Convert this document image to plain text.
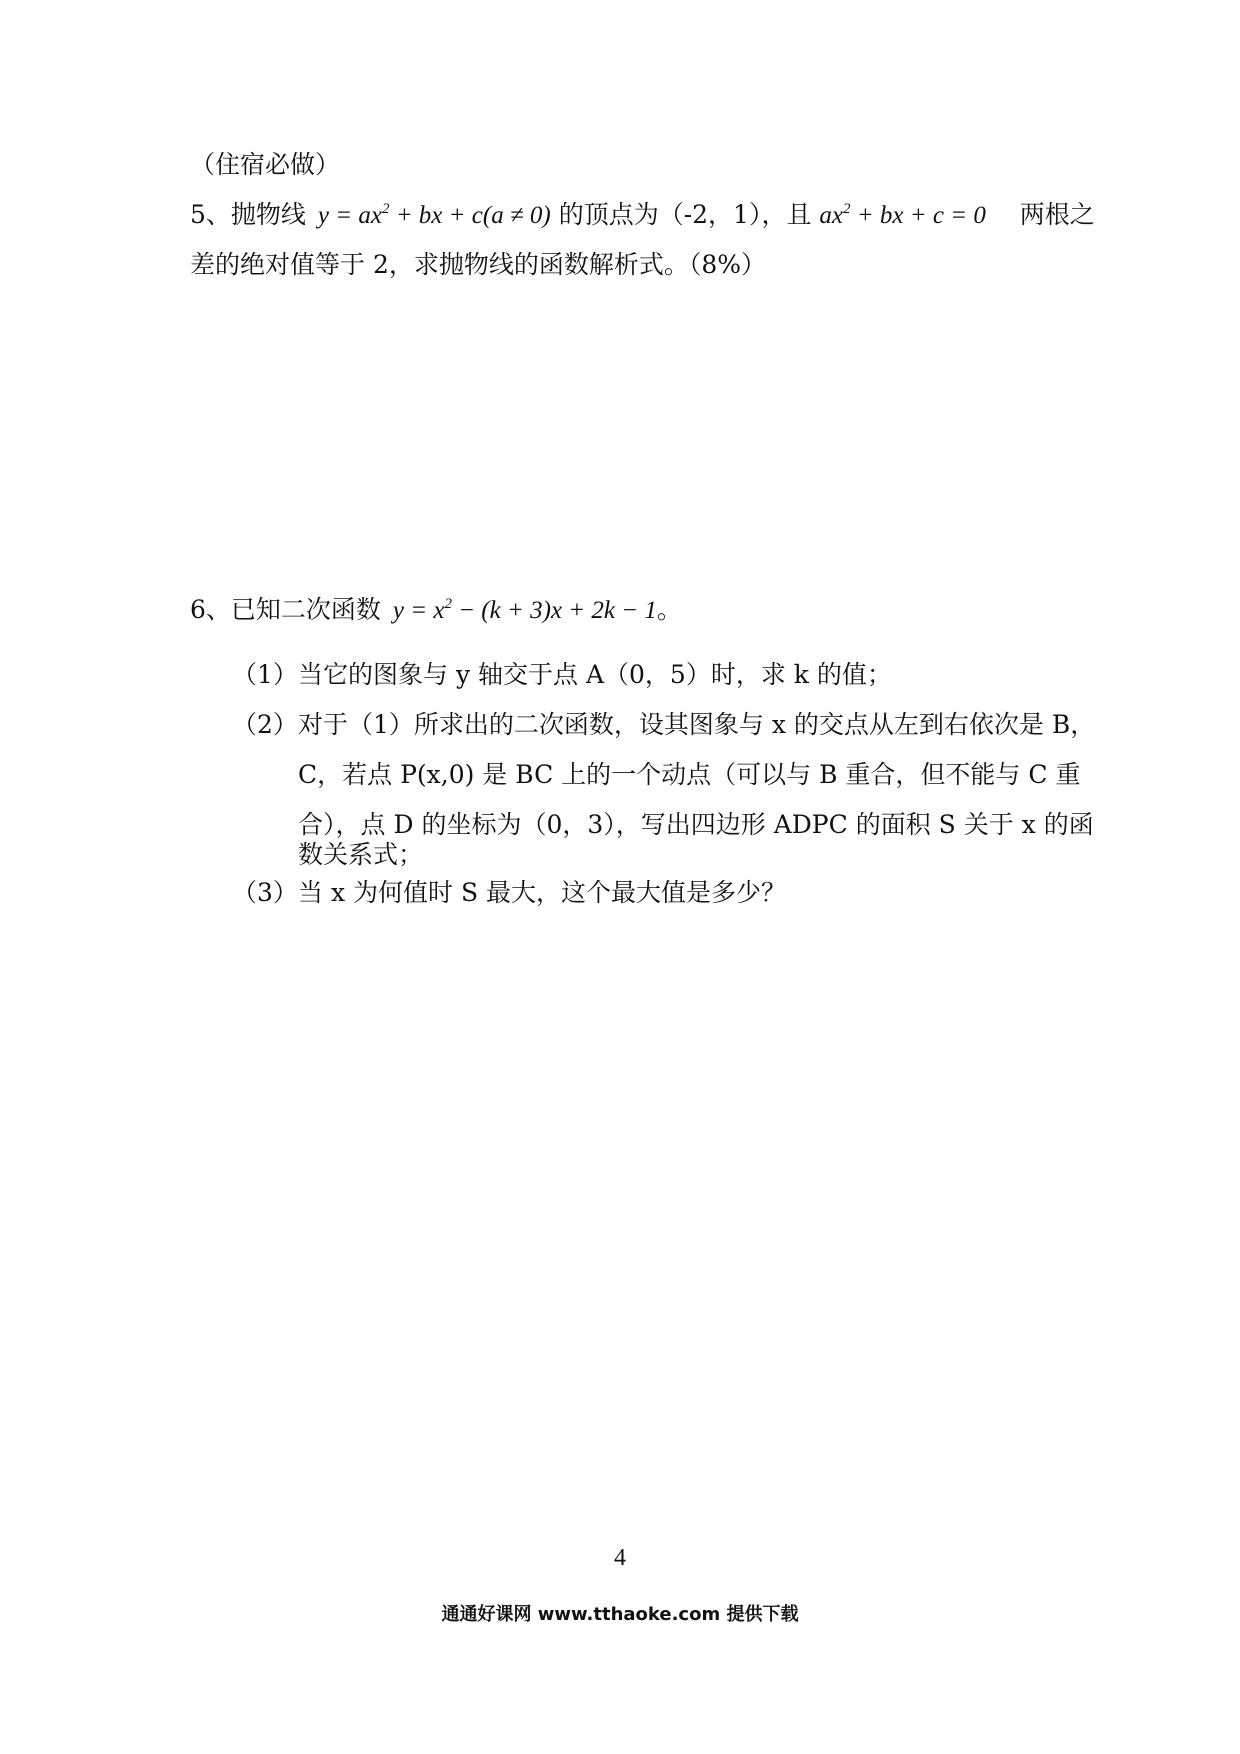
（住宿必做）
5、抛物线 $y = ax^2$ + bx + c(a ≠ 0) 的顶点为（-2，1），且 $ax^2$ + bx + c = 0 两根之
差的绝对值等于 2，求抛物线的函数解析式。（8%）
6、已知二次函数 $y = x^2 - (k + 3)x + 2k - 1$。
（1）当它的图象与 y 轴交于点 A（0，5）时，求 k 的值；
（2）对于（1）所求出的二次函数，设其图象与 x 的交点从左到右依次是 B，
C，若点 P(x,0) 是 BC 上的一个动点（可以与 B 重合，但不能与 C 重
合），点 D 的坐标为（0，3），写出四边形 ADPC 的面积 S 关于 x 的函
数关系式；
（3）当 x 为何值时 S 最大，这个最大值是多少？
4
通通好课网 www.tthaoke.com 提供下载
